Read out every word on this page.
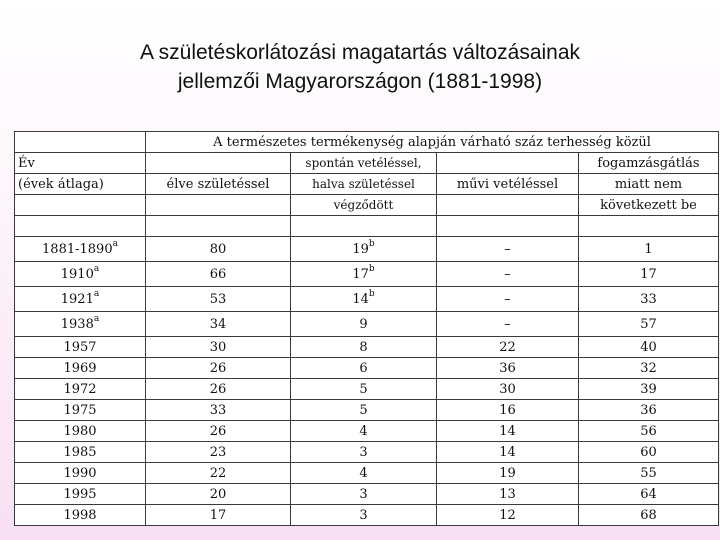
A születéskorlátozási magatartás változásainak
jellemzői Magyarországon (1881-1998)
	A természetes termékenység alapján várható száz terhesség közül			
Év		spontán vetéléssel,		fogamzásgátlás
(évek átlaga)	élve születéssel	halva születéssel	művi vetéléssel	miatt nem
		végződött		következett be

1881-1890$^a$	80	19$^b$	–	1
1910$^a$	66	17$^b$	–	17
1921$^a$	53	14$^b$	–	33
1938$^a$	34	9	–	57
1957	30	8	22	40
1969	26	6	36	32
1972	26	5	30	39
1975	33	5	16	36
1980	26	4	14	56
1985	23	3	14	60
1990	22	4	19	55
1995	20	3	13	64
1998	17	3	12	68
